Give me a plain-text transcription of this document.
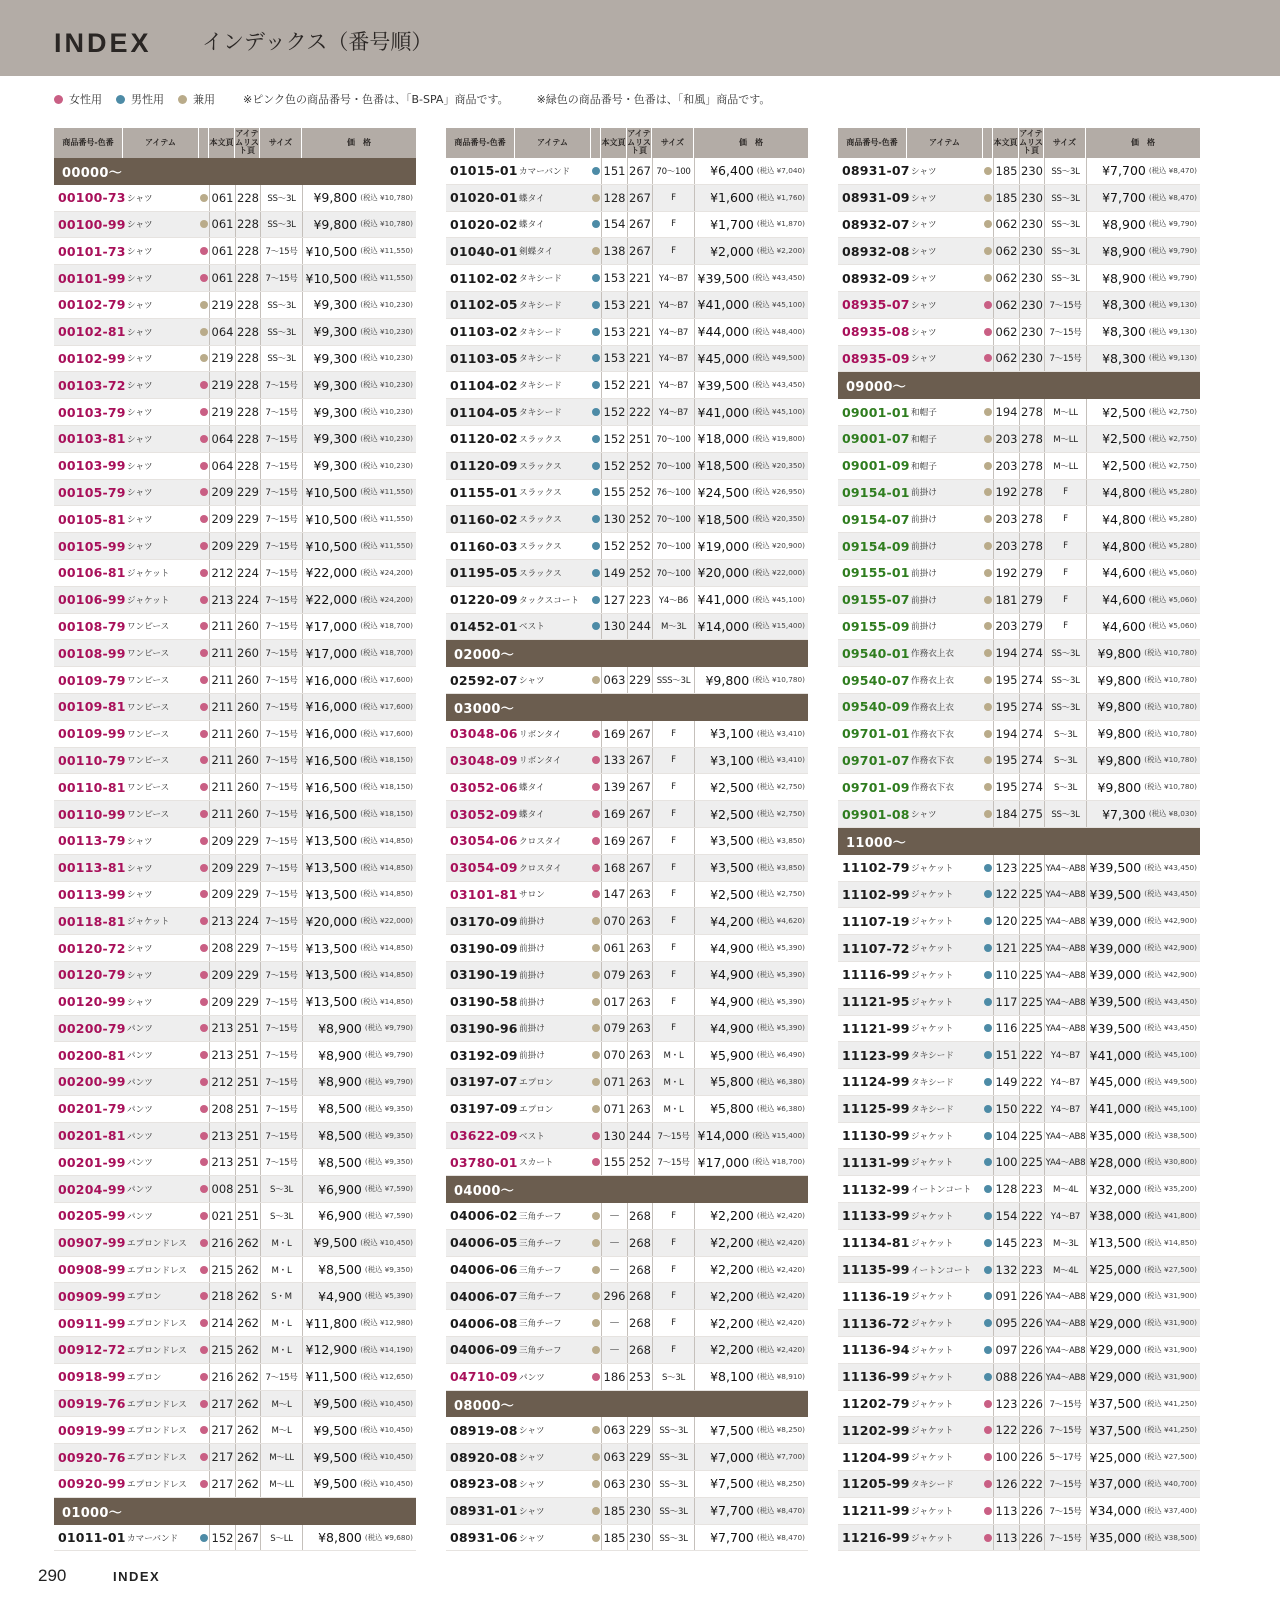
INDEX インデックス（番号順）
女性用	男性用	兼用	※ピンク色の商品番号・色番は、「B-SPA」商品です。	※緑色の商品番号・色番は、「和風」商品です。
商品番号-色番	アイテム	本文頁
アイテムリスト頁
サイズ	価　格
00000～
00100-73 シャツ	061 228 SS～3L	¥9,800 (税込 ¥10,780)
00100-99 シャツ	061 228 SS～3L	¥9,800 (税込 ¥10,780)
00101-73 シャツ	061 228 7～15号 ¥10,500 (税込 ¥11,550)
00101-99 シャツ	061 228 7～15号 ¥10,500 (税込 ¥11,550)
00102-79 シャツ	219 228 SS～3L	¥9,300 (税込 ¥10,230)
00102-81 シャツ	064 228 SS～3L	¥9,300 (税込 ¥10,230)
00102-99 シャツ	219 228 SS～3L	¥9,300 (税込 ¥10,230)
00103-72 シャツ	219 228 7～15号	¥9,300 (税込 ¥10,230)
00103-79 シャツ	219 228 7～15号	¥9,300 (税込 ¥10,230)
00103-81 シャツ	064 228 7～15号	¥9,300 (税込 ¥10,230)
00103-99 シャツ	064 228 7～15号	¥9,300 (税込 ¥10,230)
00105-79 シャツ	209 229 7～15号 ¥10,500 (税込 ¥11,550)
00105-81 シャツ	209 229 7～15号 ¥10,500 (税込 ¥11,550)
00105-99 シャツ	209 229 7～15号 ¥10,500 (税込 ¥11,550)
00106-81 ジャケット	212 224 7～15号 ¥22,000 (税込 ¥24,200)
00106-99 ジャケット	213 224 7～15号 ¥22,000 (税込 ¥24,200)
00108-79 ワンピース	211 260 7～15号 ¥17,000 (税込 ¥18,700)
00108-99 ワンピース	211 260 7～15号 ¥17,000 (税込 ¥18,700)
00109-79 ワンピース	211 260 7～15号 ¥16,000 (税込 ¥17,600)
00109-81 ワンピース	211 260 7～15号 ¥16,000 (税込 ¥17,600)
00109-99 ワンピース	211 260 7～15号 ¥16,000 (税込 ¥17,600)
00110-79 ワンピース	211 260 7～15号 ¥16,500 (税込 ¥18,150)
00110-81 ワンピース	211 260 7～15号 ¥16,500 (税込 ¥18,150)
00110-99 ワンピース	211 260 7～15号 ¥16,500 (税込 ¥18,150)
00113-79 シャツ	209 229 7～15号 ¥13,500 (税込 ¥14,850)
00113-81 シャツ	209 229 7～15号 ¥13,500 (税込 ¥14,850)
00113-99 シャツ	209 229 7～15号 ¥13,500 (税込 ¥14,850)
00118-81 ジャケット	213 224 7～15号 ¥20,000 (税込 ¥22,000)
00120-72 シャツ	208 229 7～15号 ¥13,500 (税込 ¥14,850)
00120-79 シャツ	209 229 7～15号 ¥13,500 (税込 ¥14,850)
00120-99 シャツ	209 229 7～15号 ¥13,500 (税込 ¥14,850)
00200-79 パンツ	213 251 7～15号	¥8,900 (税込 ¥9,790)
00200-81 パンツ	213 251 7～15号	¥8,900 (税込 ¥9,790)
00200-99 パンツ	212 251 7～15号	¥8,900 (税込 ¥9,790)
00201-79 パンツ	208 251 7～15号	¥8,500 (税込 ¥9,350)
00201-81 パンツ	213 251 7～15号	¥8,500 (税込 ¥9,350)
00201-99 パンツ	213 251 7～15号	¥8,500 (税込 ¥9,350)
00204-99 パンツ	008 251	S～3L	¥6,900 (税込 ¥7,590)
00205-99 パンツ	021 251	S～3L	¥6,900 (税込 ¥7,590)
00907-99 エプロンドレス	216 262	M・L	¥9,500 (税込 ¥10,450)
00908-99 エプロンドレス	215 262	M・L	¥8,500 (税込 ¥9,350)
00909-99 エプロン	218 262	S・M	¥4,900 (税込 ¥5,390)
00911-99 エプロンドレス	214 262	M・L	¥11,800 (税込 ¥12,980)
00912-72 エプロンドレス	215 262	M・L	¥12,900 (税込 ¥14,190)
00918-99 エプロン	216 262 7～15号 ¥11,500 (税込 ¥12,650)
00919-76 エプロンドレス	217 262	M～L	¥9,500 (税込 ¥10,450)
00919-99 エプロンドレス	217 262	M～L	¥9,500 (税込 ¥10,450)
00920-76 エプロンドレス	217 262	M～LL	¥9,500 (税込 ¥10,450)
00920-99 エプロンドレス	217 262	M～LL	¥9,500 (税込 ¥10,450)
01000～
01011-01 カマーバンド	152 267	S～LL	¥8,800 (税込 ¥9,680)
商品番号-色番	アイテム	本文頁
アイテムリスト頁
サイズ	価　格
01015-01 カマーバンド	151 267 70～100 ¥6,400 (税込 ¥7,040)
01020-01 蝶タイ	128 267	F	¥1,600 (税込 ¥1,760)
01020-02 蝶タイ	154 267	F	¥1,700 (税込 ¥1,870)
01040-01 剣蝶タイ	138 267	F	¥2,000 (税込 ¥2,200)
01102-02 タキシード	153 221 Y4～B7 ¥39,500 (税込 ¥43,450)
01102-05 タキシード	153 221 Y4～B7 ¥41,000 (税込 ¥45,100)
01103-02 タキシード	153 221 Y4～B7 ¥44,000 (税込 ¥48,400)
01103-05 タキシード	153 221 Y4～B7 ¥45,000 (税込 ¥49,500)
01104-02 タキシード	152 221 Y4～B7 ¥39,500 (税込 ¥43,450)
01104-05 タキシード	152 222 Y4～B7 ¥41,000 (税込 ¥45,100)
01120-02 スラックス	152 251 70～100 ¥18,000 (税込 ¥19,800)
01120-09 スラックス	152 252 70～100 ¥18,500 (税込 ¥20,350)
01155-01 スラックス	155 252 76～100 ¥24,500 (税込 ¥26,950)
01160-02 スラックス	130 252 70～100 ¥18,500 (税込 ¥20,350)
01160-03 スラックス	152 252 70～100 ¥19,000 (税込 ¥20,900)
01195-05 スラックス	149 252 70～100 ¥20,000 (税込 ¥22,000)
01220-09 タックスコート	127 223 Y4～B6 ¥41,000 (税込 ¥45,100)
01452-01 ベスト	130 244	M～3L ¥14,000 (税込 ¥15,400)
02000～
02592-07 シャツ	063 229 SSS～3L	¥9,800 (税込 ¥10,780)
03000～
03048-06 リボンタイ	169 267	F	¥3,100 (税込 ¥3,410)
03048-09 リボンタイ	133 267	F	¥3,100 (税込 ¥3,410)
03052-06 蝶タイ	139 267	F	¥2,500 (税込 ¥2,750)
03052-09 蝶タイ	169 267	F	¥2,500 (税込 ¥2,750)
03054-06 クロスタイ	169 267	F	¥3,500 (税込 ¥3,850)
03054-09 クロスタイ	168 267	F	¥3,500 (税込 ¥3,850)
03101-81 サロン	147 263	F	¥2,500 (税込 ¥2,750)
03170-09 前掛け	070 263	F	¥4,200 (税込 ¥4,620)
03190-09 前掛け	061 263	F	¥4,900 (税込 ¥5,390)
03190-19 前掛け	079 263	F	¥4,900 (税込 ¥5,390)
03190-58 前掛け	017 263	F	¥4,900 (税込 ¥5,390)
03190-96 前掛け	079 263	F	¥4,900 (税込 ¥5,390)
03192-09 前掛け	070 263	M・L	¥5,900 (税込 ¥6,490)
03197-07 エプロン	071 263	M・L	¥5,800 (税込 ¥6,380)
03197-09 エプロン	071 263	M・L	¥5,800 (税込 ¥6,380)
03622-09 ベスト	130 244 7～15号 ¥14,000 (税込 ¥15,400)
03780-01 スカート	155 252 7～15号 ¥17,000 (税込 ¥18,700)
04000～
04006-02 三角チーフ	－ 268	F	¥2,200 (税込 ¥2,420)
04006-05 三角チーフ	－ 268	F	¥2,200 (税込 ¥2,420)
04006-06 三角チーフ	－ 268	F	¥2,200 (税込 ¥2,420)
04006-07 三角チーフ	296 268	F	¥2,200 (税込 ¥2,420)
04006-08 三角チーフ	－ 268	F	¥2,200 (税込 ¥2,420)
04006-09 三角チーフ	－ 268	F	¥2,200 (税込 ¥2,420)
04710-09 パンツ	186 253	S～3L	¥8,100 (税込 ¥8,910)
08000～
08919-08 シャツ	063 229 SS～3L	¥7,500 (税込 ¥8,250)
08920-08 シャツ	063 229 SS～3L	¥7,000 (税込 ¥7,700)
08923-08 シャツ	063 230 SS～3L	¥7,500 (税込 ¥8,250)
08931-01 シャツ	185 230 SS～3L	¥7,700 (税込 ¥8,470)
08931-06 シャツ	185 230 SS～3L	¥7,700 (税込 ¥8,470)
商品番号-色番	アイテム	本文頁
アイテムリスト頁
サイズ	価　格
08931-07 シャツ	185 230 SS～3L	¥7,700 (税込 ¥8,470)
08931-09 シャツ	185 230 SS～3L	¥7,700 (税込 ¥8,470)
08932-07 シャツ	062 230 SS～3L	¥8,900 (税込 ¥9,790)
08932-08 シャツ	062 230 SS～3L	¥8,900 (税込 ¥9,790)
08932-09 シャツ	062 230 SS～3L	¥8,900 (税込 ¥9,790)
08935-07 シャツ	062 230 7～15号	¥8,300 (税込 ¥9,130)
08935-08 シャツ	062 230 7～15号	¥8,300 (税込 ¥9,130)
08935-09 シャツ	062 230 7～15号	¥8,300 (税込 ¥9,130)
09000～
09001-01 和帽子	194 278	M～LL	¥2,500 (税込 ¥2,750)
09001-07 和帽子	203 278	M～LL	¥2,500 (税込 ¥2,750)
09001-09 和帽子	203 278	M～LL	¥2,500 (税込 ¥2,750)
09154-01 前掛け	192 278	F	¥4,800 (税込 ¥5,280)
09154-07 前掛け	203 278	F	¥4,800 (税込 ¥5,280)
09154-09 前掛け	203 278	F	¥4,800 (税込 ¥5,280)
09155-01 前掛け	192 279	F	¥4,600 (税込 ¥5,060)
09155-07 前掛け	181 279	F	¥4,600 (税込 ¥5,060)
09155-09 前掛け	203 279	F	¥4,600 (税込 ¥5,060)
09540-01 作務衣上衣	194 274 SS～3L	¥9,800 (税込 ¥10,780)
09540-07 作務衣上衣	195 274 SS～3L	¥9,800 (税込 ¥10,780)
09540-09 作務衣上衣	195 274 SS～3L	¥9,800 (税込 ¥10,780)
09701-01 作務衣下衣	194 274	S～3L	¥9,800 (税込 ¥10,780)
09701-07 作務衣下衣	195 274	S～3L	¥9,800 (税込 ¥10,780)
09701-09 作務衣下衣	195 274	S～3L	¥9,800 (税込 ¥10,780)
09901-08 シャツ	184 275 SS～3L	¥7,300 (税込 ¥8,030)
11000～
11102-79 ジャケット	123 225 YA4～AB8 ¥39,500 (税込 ¥43,450)
11102-99 ジャケット	122 225 YA4～AB8 ¥39,500 (税込 ¥43,450)
11107-19 ジャケット	120 225 YA4～AB8 ¥39,000 (税込 ¥42,900)
11107-72 ジャケット	121 225 YA4～AB8 ¥39,000 (税込 ¥42,900)
11116-99 ジャケット	110 225 YA4～AB8 ¥39,000 (税込 ¥42,900)
11121-95 ジャケット	117 225 YA4～AB8 ¥39,500 (税込 ¥43,450)
11121-99 ジャケット	116 225 YA4～AB8 ¥39,500 (税込 ¥43,450)
11123-99 タキシード	151 222 Y4～B7 ¥41,000 (税込 ¥45,100)
11124-99 タキシード	149 222 Y4～B7 ¥45,000 (税込 ¥49,500)
11125-99 タキシード	150 222 Y4～B7 ¥41,000 (税込 ¥45,100)
11130-99 ジャケット	104 225 YA4～AB8 ¥35,000 (税込 ¥38,500)
11131-99 ジャケット	100 225 YA4～AB8 ¥28,000 (税込 ¥30,800)
11132-99 イートンコート	128 223	M～4L ¥32,000 (税込 ¥35,200)
11133-99 ジャケット	154 222 Y4～B7 ¥38,000 (税込 ¥41,800)
11134-81 ジャケット	145 223	M～3L ¥13,500 (税込 ¥14,850)
11135-99 イートンコート	132 223	M～4L ¥25,000 (税込 ¥27,500)
11136-19 ジャケット	091 226 YA4～AB8 ¥29,000 (税込 ¥31,900)
11136-72 ジャケット	095 226 YA4～AB8 ¥29,000 (税込 ¥31,900)
11136-94 ジャケット	097 226 YA4～AB8 ¥29,000 (税込 ¥31,900)
11136-99 ジャケット	088 226 YA4～AB8 ¥29,000 (税込 ¥31,900)
11202-79 ジャケット	123 226 7～15号 ¥37,500 (税込 ¥41,250)
11202-99 ジャケット	122 226 7～15号 ¥37,500 (税込 ¥41,250)
11204-99 ジャケット	100 226 5～17号 ¥25,000 (税込 ¥27,500)
11205-99 タキシード	126 222 7～15号 ¥37,000 (税込 ¥40,700)
11211-99 ジャケット	113 226 7～15号 ¥34,000 (税込 ¥37,400)
11216-99 ジャケット	113 226 7～15号 ¥35,000 (税込 ¥38,500)
290	INDEX
